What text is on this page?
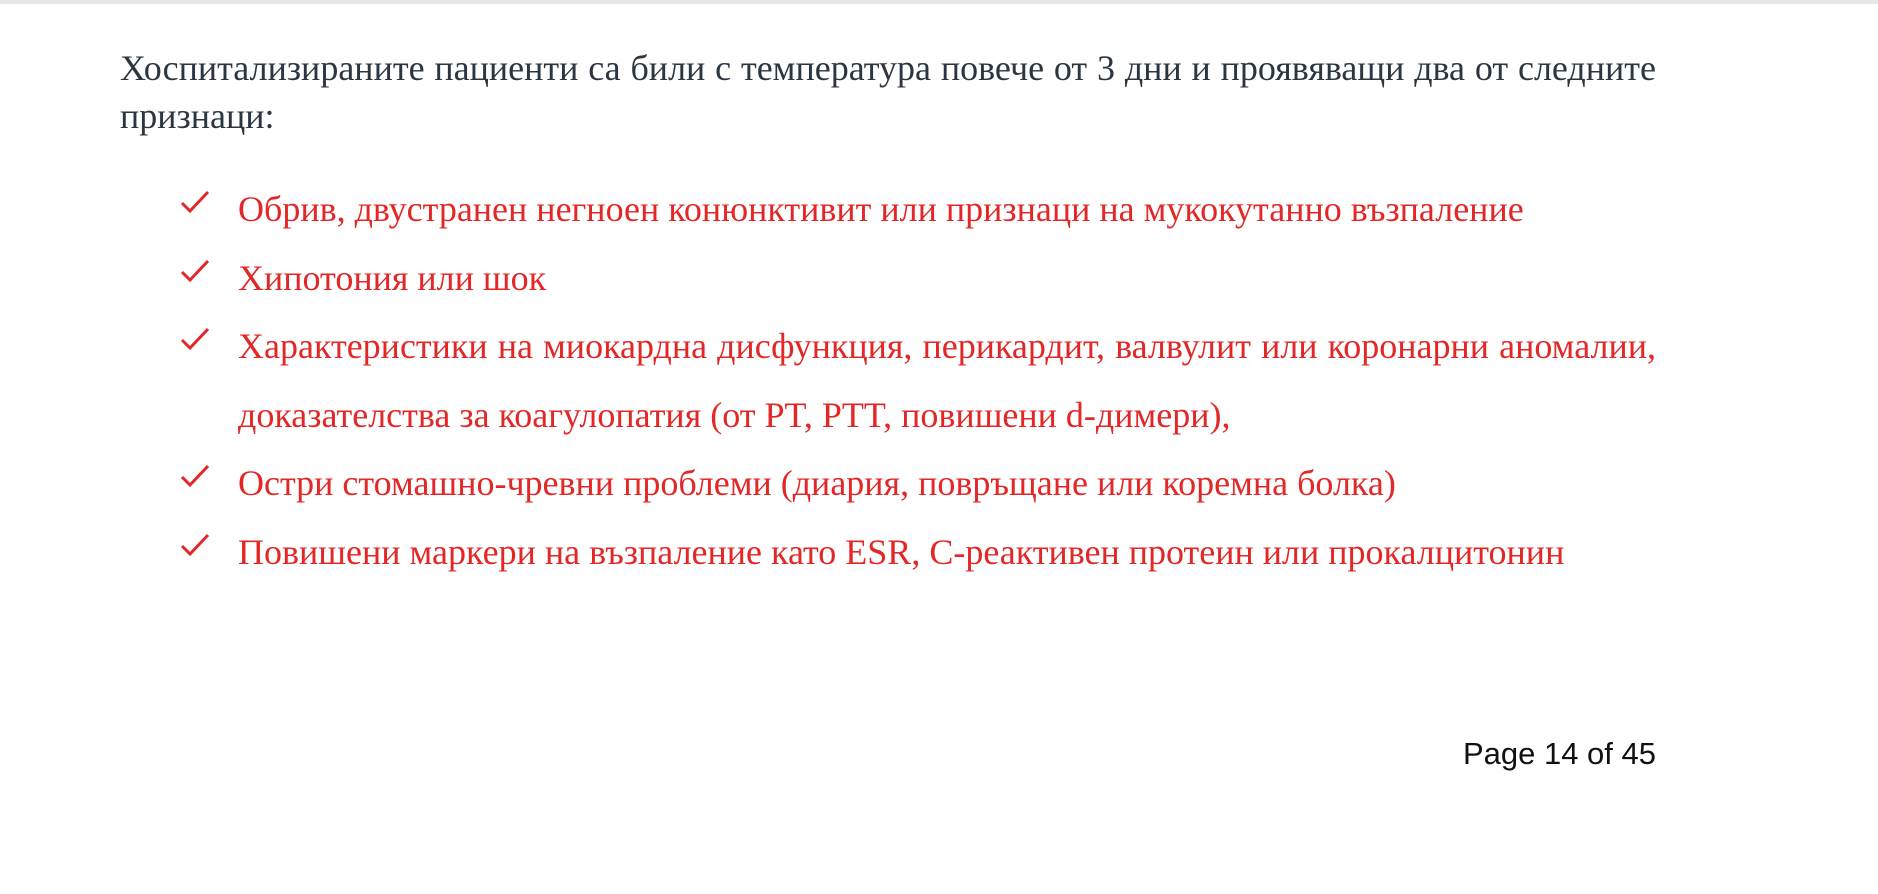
Хоспитализираните пациенти са били с температура повече от 3 дни и проявяващи два от следните признаци:

Обрив, двустранен негноен конюнктивит или признаци на мукокутанно възпаление
Хипотония или шок
Характеристики на миокардна дисфункция, перикардит, валвулит или коронарни аномалии, доказателства за коагулопатия (от PT, PTT, повишени d-димери),
Остри стомашно-чревни проблеми (диария, повръщане или коремна болка)
Повишени маркери на възпаление като ESR, C-реактивен протеин или прокалцитонин
Page 14 of 45
